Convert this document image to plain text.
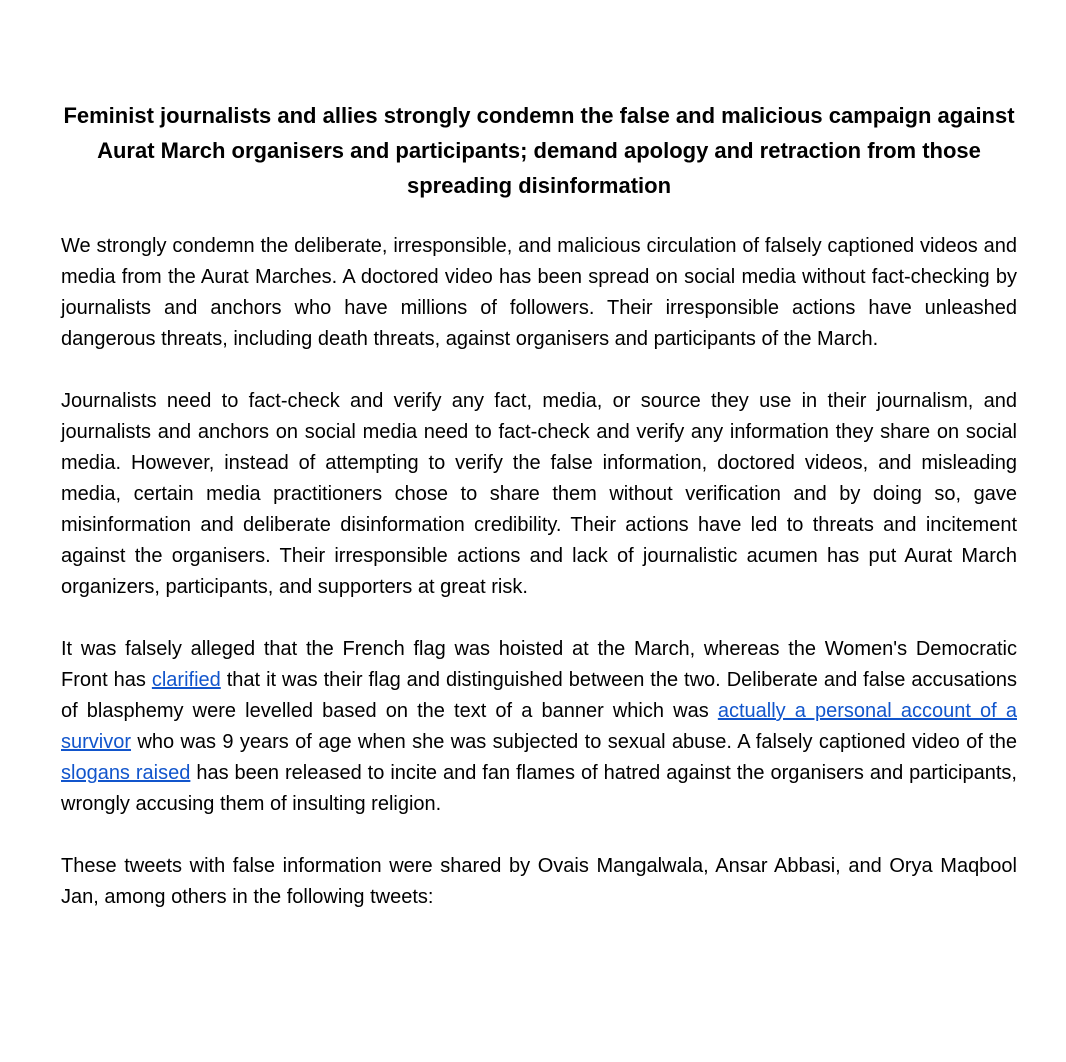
Feminist journalists and allies strongly condemn the false and malicious campaign against Aurat March organisers and participants; demand apology and retraction from those spreading disinformation

We strongly condemn the deliberate, irresponsible, and malicious circulation of falsely captioned videos and media from the Aurat Marches. A doctored video has been spread on social media without fact-checking by journalists and anchors who have millions of followers. Their irresponsible actions have unleashed dangerous threats, including death threats, against organisers and participants of the March.

Journalists need to fact-check and verify any fact, media, or source they use in their journalism, and journalists and anchors on social media need to fact-check and verify any information they share on social media. However, instead of attempting to verify the false information, doctored videos, and misleading media, certain media practitioners chose to share them without verification and by doing so, gave misinformation and deliberate disinformation credibility. Their actions have led to threats and incitement against the organisers. Their irresponsible actions and lack of journalistic acumen has put Aurat March organizers, participants, and supporters at great risk.

It was falsely alleged that the French flag was hoisted at the March, whereas the Women's Democratic Front has clarified that it was their flag and distinguished between the two. Deliberate and false accusations of blasphemy were levelled based on the text of a banner which was actually a personal account of a survivor who was 9 years of age when she was subjected to sexual abuse. A falsely captioned video of the slogans raised has been released to incite and fan flames of hatred against the organisers and participants, wrongly accusing them of insulting religion.

These tweets with false information were shared by Ovais Mangalwala, Ansar Abbasi, and Orya Maqbool Jan, among others in the following tweets:
